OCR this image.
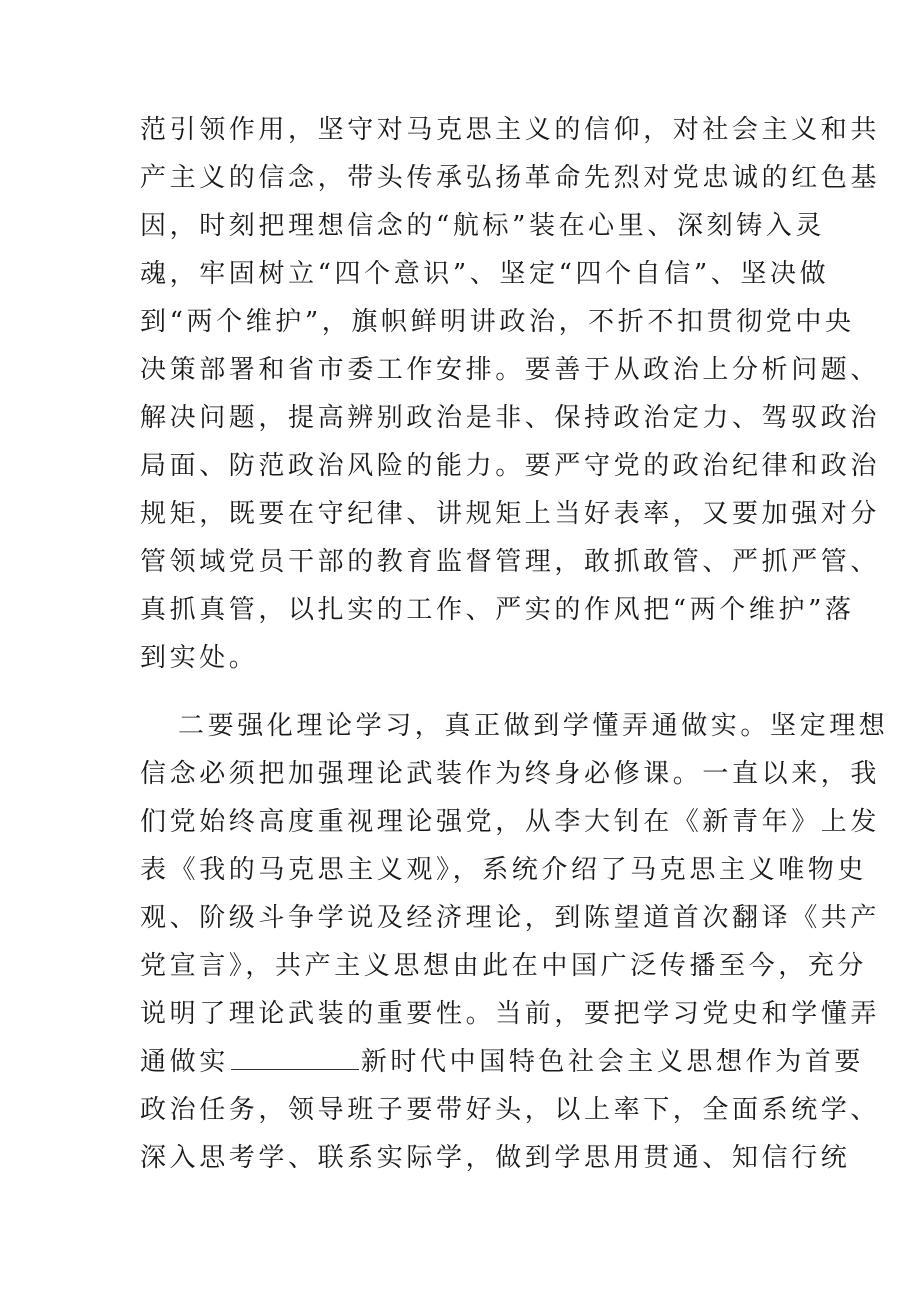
范引领作用，坚守对马克思主义的信仰，对社会主义和共
产主义的信念，带头传承弘扬革命先烈对党忠诚的红色基
因，时刻把理想信念的“航标”装在心里、深刻铸入灵
魂，牢固树立“四个意识”、坚定“四个自信”、坚决做
到“两个维护”，旗帜鲜明讲政治，不折不扣贯彻党中央
决策部署和省市委工作安排。要善于从政治上分析问题、
解决问题，提高辨别政治是非、保持政治定力、驾驭政治
局面、防范政治风险的能力。要严守党的政治纪律和政治
规矩，既要在守纪律、讲规矩上当好表率，又要加强对分
管领域党员干部的教育监督管理，敢抓敢管、严抓严管、
真抓真管，以扎实的工作、严实的作风把“两个维护”落
到实处。
二要强化理论学习，真正做到学懂弄通做实。坚定理想
信念必须把加强理论武装作为终身必修课。一直以来，我
们党始终高度重视理论强党，从李大钊在《新青年》上发
表《我的马克思主义观》，系统介绍了马克思主义唯物史
观、阶级斗争学说及经济理论，到陈望道首次翻译《共产
党宣言》，共产主义思想由此在中国广泛传播至今，充分
说明了理论武装的重要性。当前，要把学习党史和学懂弄
通做实	新时代中国特色社会主义思想作为首要
政治任务，领导班子要带好头，以上率下，全面系统学、
深入思考学、联系实际学，做到学思用贯通、知信行统
